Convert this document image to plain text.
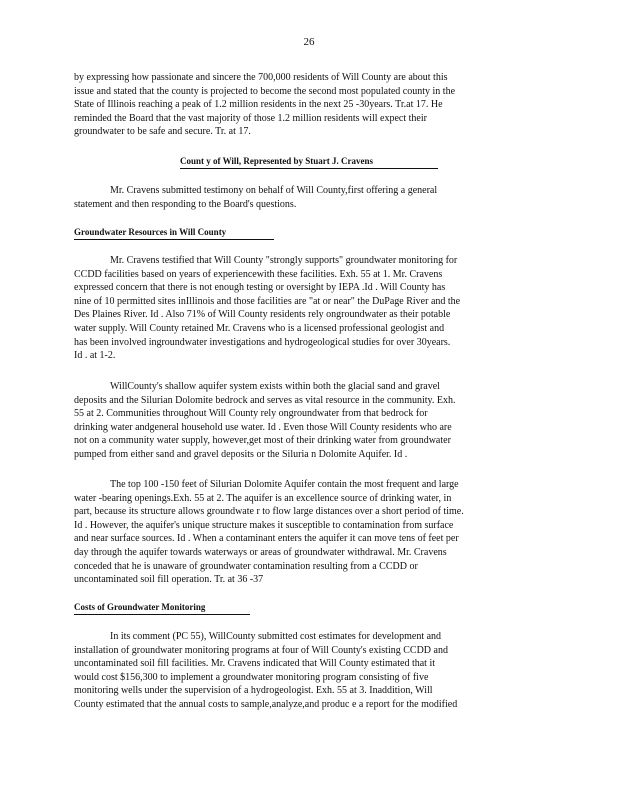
26
by expressing how passionate and sincere the 700,000 residents of Will County are about this
issue and stated that the county is projected to become the second most populated county in the
State of Illinois reaching a peak of 1.2 million residents in the next 25 -30years. Tr.at 17. He
reminded the Board that the vast majority of those 1.2 million residents will expect their
groundwater to be safe and secure. Tr. at 17.
Count y of Will, Represented by Stuart J. Cravens
Mr. Cravens submitted testimony on behalf of Will County,first offering a general
statement and then responding to the Board's questions.
Groundwater Resources in Will County
Mr. Cravens testified that Will County "strongly supports" groundwater monitoring for
CCDD facilities based on years of experiencewith these facilities. Exh. 55 at 1. Mr. Cravens
expressed concern that there is not enough testing or oversight by IEPA .Id . Will County has
nine of 10 permitted sites inIllinois and those facilities are "at or near" the DuPage River and the
Des Plaines River. Id . Also 71% of Will County residents rely ongroundwater as their potable
water supply. Will County retained Mr. Cravens who is a licensed professional geologist and
has been involved ingroundwater investigations and hydrogeological studies for over 30years.
Id . at 1-2.
WillCounty's shallow aquifer system exists within both the glacial sand and gravel
deposits and the Silurian Dolomite bedrock and serves as vital resource in the community. Exh.
55 at 2. Communities throughout Will County rely ongroundwater from that bedrock for
drinking water andgeneral household use water. Id . Even those Will County residents who are
not on a community water supply, however,get most of their drinking water from groundwater
pumped from either sand and gravel deposits or the Siluria n Dolomite Aquifer. Id .
The top 100 -150 feet of Silurian Dolomite Aquifer contain the most frequent and large
water -bearing openings.Exh. 55 at 2. The aquifer is an excellence source of drinking water, in
part, because its structure allows groundwate r to flow large distances over a short period of time.
Id . However, the aquifer's unique structure makes it susceptible to contamination from surface
and near surface sources. Id . When a contaminant enters the aquifer it can move tens of feet per
day through the aquifer towards waterways or areas of groundwater withdrawal. Mr. Cravens
conceded that he is unaware of groundwater contamination resulting from a CCDD or
uncontaminated soil fill operation. Tr. at 36 -37
Costs of Groundwater Monitoring
In its comment (PC 55), WillCounty submitted cost estimates for development and
installation of groundwater monitoring programs at four of Will County's existing CCDD and
uncontaminated soil fill facilities. Mr. Cravens indicated that Will County estimated that it
would cost $156,300 to implement a groundwater monitoring program consisting of five
monitoring wells under the supervision of a hydrogeologist. Exh. 55 at 3. Inaddition, Will
County estimated that the annual costs to sample,analyze,and produc e a report for the modified
